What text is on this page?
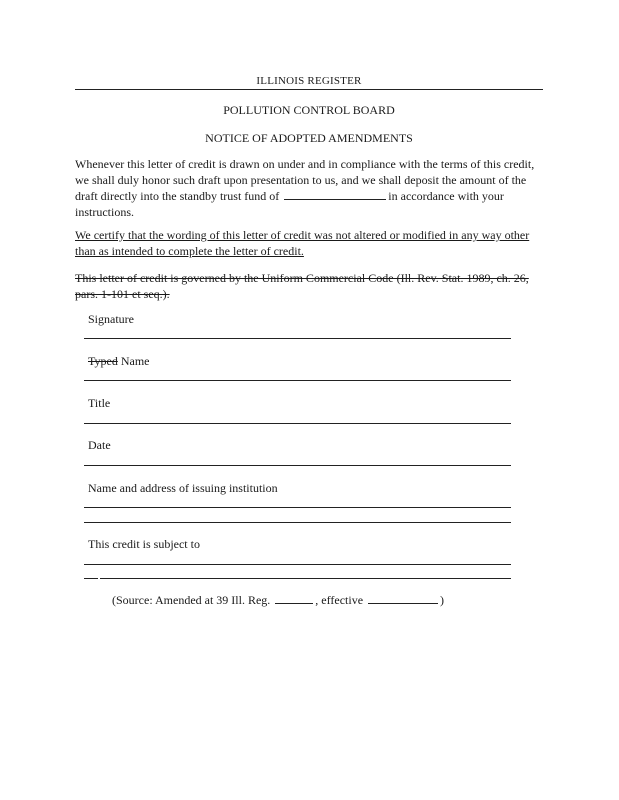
ILLINOIS REGISTER
POLLUTION CONTROL BOARD
NOTICE OF ADOPTED AMENDMENTS
Whenever this letter of credit is drawn on under and in compliance with the terms of this credit, we shall duly honor such draft upon presentation to us, and we shall deposit the amount of the draft directly into the standby trust fund of	in accordance with your instructions.
We certify that the wording of this letter of credit was not altered or modified in any way other than as intended to complete the letter of credit.
This letter of credit is governed by the Uniform Commercial Code (Ill. Rev. Stat. 1989, ch. 26, pars. 1-101 et seq.).
Signature
Typed Name
Title
Date
Name and address of issuing institution
This credit is subject to
(Source: Amended at 39 Ill. Reg.	, effective	)
